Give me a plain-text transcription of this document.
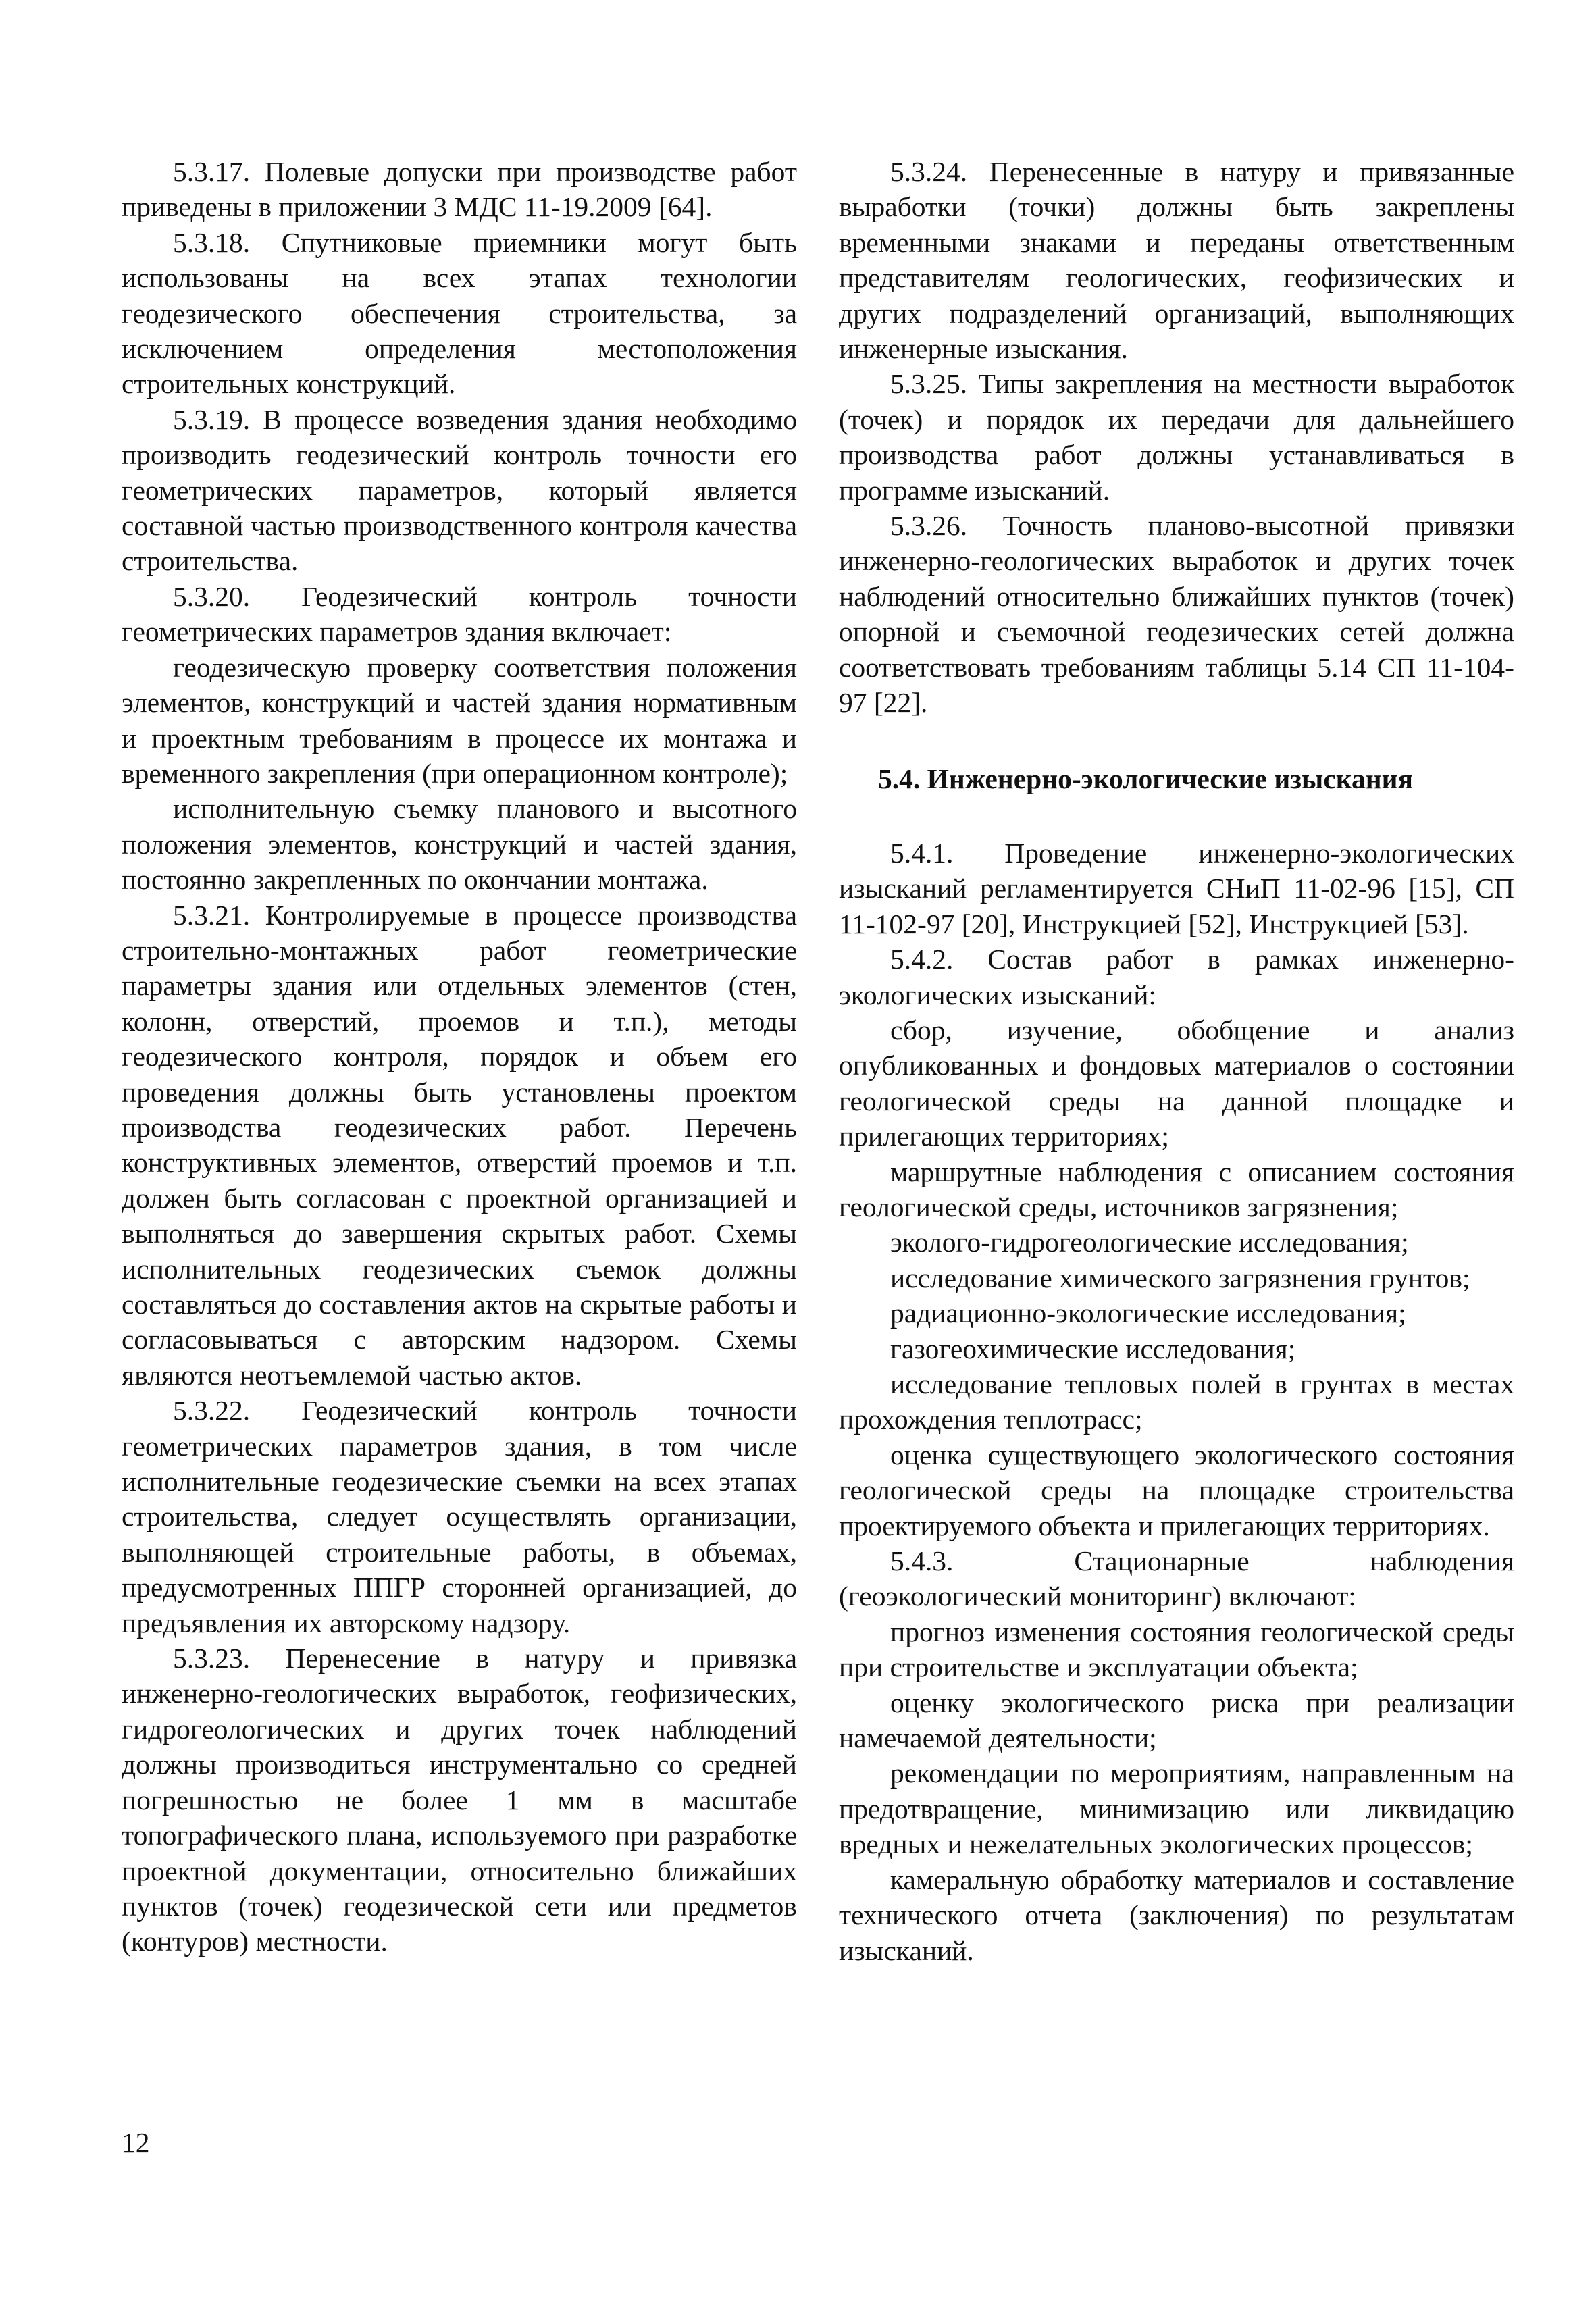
5.3.17. Полевые допуски при производстве работ приведены в приложении 3 МДС 11-19.2009 [64].

5.3.18. Спутниковые приемники могут быть использованы на всех этапах технологии геодезического обеспечения строительства, за исключением определения местоположения строительных конструкций.

5.3.19. В процессе возведения здания необходимо производить геодезический контроль точности его геометрических параметров, который является составной частью производственного контроля качества строительства.

5.3.20. Геодезический контроль точности геометрических параметров здания включает:

геодезическую проверку соответствия положения элементов, конструкций и частей здания нормативным и проектным требованиям в процессе их монтажа и временного закрепления (при операционном контроле);

исполнительную съемку планового и высотного положения элементов, конструкций и частей здания, постоянно закрепленных по окончании монтажа.

5.3.21. Контролируемые в процессе производства строительно-монтажных работ геометрические параметры здания или отдельных элементов (стен, колонн, отверстий, проемов и т.п.), методы геодезического контроля, порядок и объем его проведения должны быть установлены проектом производства геодезических работ. Перечень конструктивных элементов, отверстий проемов и т.п. должен быть согласован с проектной организацией и выполняться до завершения скрытых работ. Схемы исполнительных геодезических съемок должны составляться до составления актов на скрытые работы и согласовываться с авторским надзором. Схемы являются неотъемлемой частью актов.

5.3.22. Геодезический контроль точности геометрических параметров здания, в том числе исполнительные геодезические съемки на всех этапах строительства, следует осуществлять организации, выполняющей строительные работы, в объемах, предусмотренных ППГР сторонней организацией, до предъявления их авторскому надзору.

5.3.23. Перенесение в натуру и привязка инженерно-геологических выработок, геофизических, гидрогеологических и других точек наблюдений должны производиться инструментально со средней погрешностью не более 1 мм в масштабе топографического плана, используемого при разработке проектной документации, относительно ближайших пунктов (точек) геодезической сети или предметов (контуров) местности.

5.3.24. Перенесенные в натуру и привязанные выработки (точки) должны быть закреплены временными знаками и переданы ответственным представителям геологических, геофизических и других подразделений организаций, выполняющих инженерные изыскания.

5.3.25. Типы закрепления на местности выработок (точек) и порядок их передачи для дальнейшего производства работ должны устанавливаться в программе изысканий.

5.3.26. Точность планово-высотной привязки инженерно-геологических выработок и других точек наблюдений относительно ближайших пунктов (точек) опорной и съемочной геодезических сетей должна соответствовать требованиям таблицы 5.14 СП 11-104-97 [22].

5.4. Инженерно-экологические изыскания

5.4.1. Проведение инженерно-экологических изысканий регламентируется СНиП 11-02-96 [15], СП 11-102-97 [20], Инструкцией [52], Инструкцией [53].

5.4.2. Состав работ в рамках инженерно-экологических изысканий:

сбор, изучение, обобщение и анализ опубликованных и фондовых материалов о состоянии геологической среды на данной площадке и прилегающих территориях;

маршрутные наблюдения с описанием состояния геологической среды, источников загрязнения;

эколого-гидрогеологические исследования;

исследование химического загрязнения грунтов;

радиационно-экологические исследования;

газогеохимические исследования;

исследование тепловых полей в грунтах в местах прохождения теплотрасс;

оценка существующего экологического состояния геологической среды на площадке строительства проектируемого объекта и прилегающих территориях.

5.4.3. Стационарные наблюдения (геоэкологический мониторинг) включают:

прогноз изменения состояния геологической среды при строительстве и эксплуатации объекта;

оценку экологического риска при реализации намечаемой деятельности;

рекомендации по мероприятиям, направленным на предотвращение, минимизацию или ликвидацию вредных и нежелательных экологических процессов;

камеральную обработку материалов и составление технического отчета (заключения) по результатам изысканий.

12
